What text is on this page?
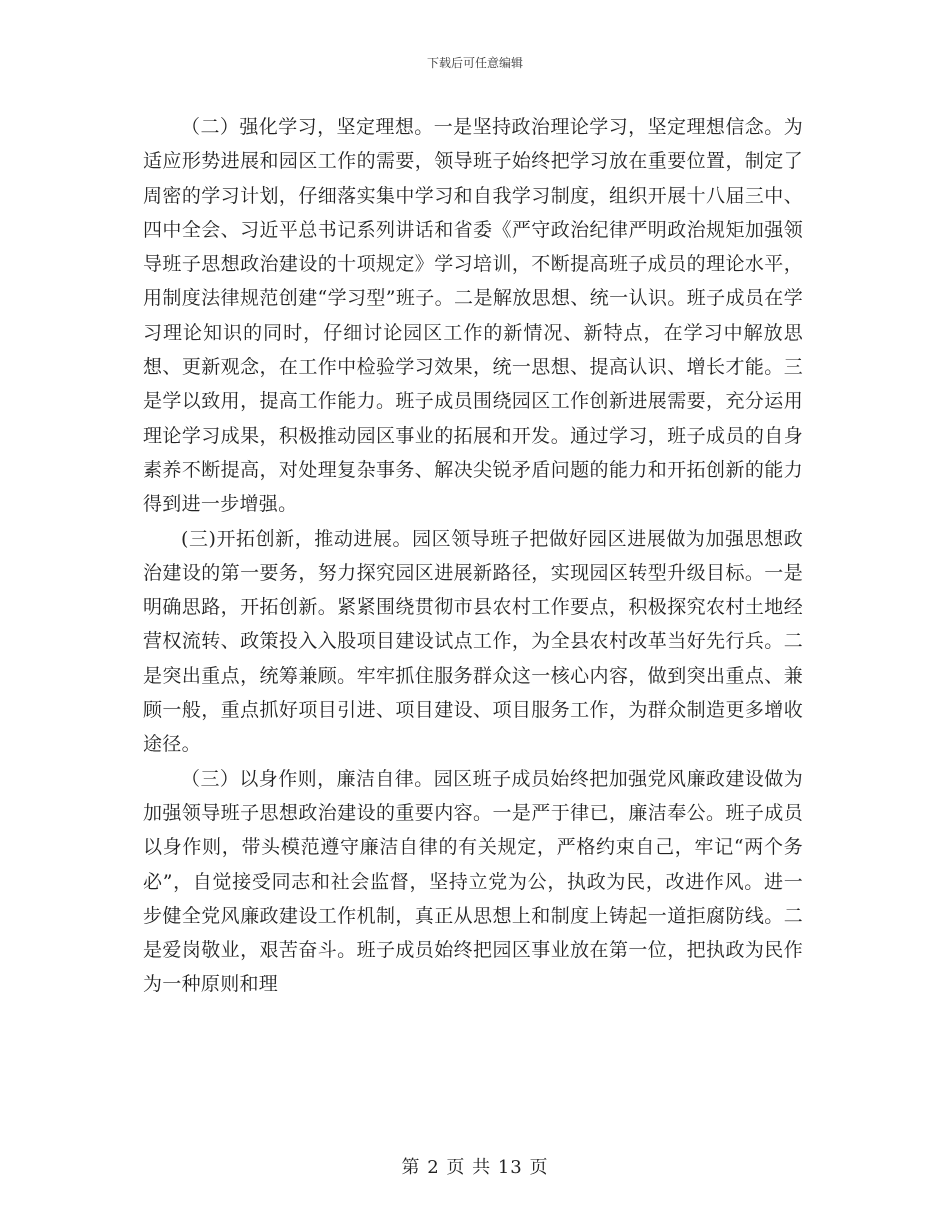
下载后可任意编辑

（二）强化学习，坚定理想。一是坚持政治理论学习，坚定理想信念。为适应形势进展和园区工作的需要，领导班子始终把学习放在重要位置，制定了周密的学习计划，仔细落实集中学习和自我学习制度，组织开展十八届三中、四中全会、习近平总书记系列讲话和省委《严守政治纪律严明政治规矩加强领导班子思想政治建设的十项规定》学习培训，不断提高班子成员的理论水平，用制度法律规范创建“学习型”班子。二是解放思想、统一认识。班子成员在学习理论知识的同时，仔细讨论园区工作的新情况、新特点，在学习中解放思想、更新观念，在工作中检验学习效果，统一思想、提高认识、增长才能。三是学以致用，提高工作能力。班子成员围绕园区工作创新进展需要，充分运用理论学习成果，积极推动园区事业的拓展和开发。通过学习，班子成员的自身素养不断提高，对处理复杂事务、解决尖锐矛盾问题的能力和开拓创新的能力得到进一步增强。

(三)开拓创新，推动进展。园区领导班子把做好园区进展做为加强思想政治建设的第一要务，努力探究园区进展新路径，实现园区转型升级目标。一是明确思路，开拓创新。紧紧围绕贯彻市县农村工作要点，积极探究农村土地经营权流转、政策投入入股项目建设试点工作，为全县农村改革当好先行兵。二是突出重点，统筹兼顾。牢牢抓住服务群众这一核心内容，做到突出重点、兼顾一般，重点抓好项目引进、项目建设、项目服务工作，为群众制造更多增收途径。

（三）以身作则，廉洁自律。园区班子成员始终把加强党风廉政建设做为加强领导班子思想政治建设的重要内容。一是严于律已，廉洁奉公。班子成员以身作则，带头模范遵守廉洁自律的有关规定，严格约束自己，牢记“两个务必”，自觉接受同志和社会监督，坚持立党为公，执政为民，改进作风。进一步健全党风廉政建设工作机制，真正从思想上和制度上铸起一道拒腐防线。二是爱岗敬业，艰苦奋斗。班子成员始终把园区事业放在第一位，把执政为民作为一种原则和理

第 2 页 共 13 页
